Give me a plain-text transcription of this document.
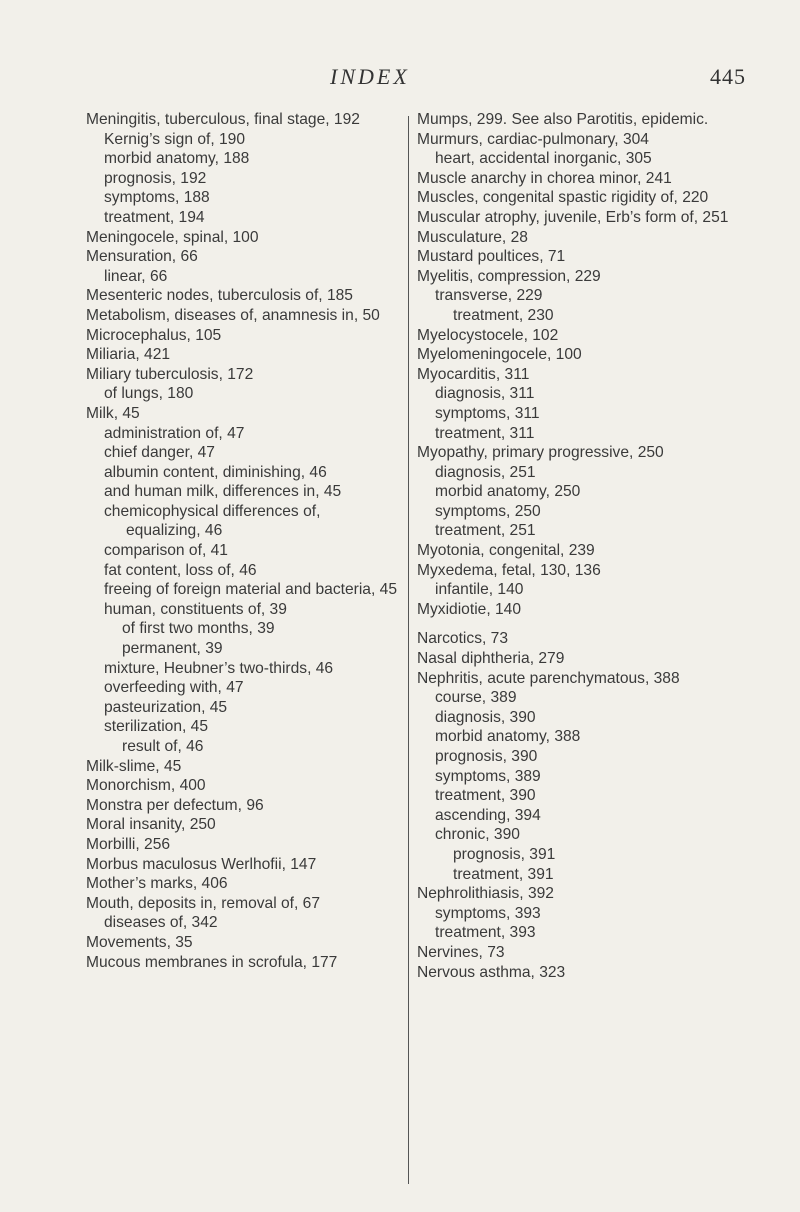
INDEX	445
Meningitis, tuberculous, final stage, 192
Kernig’s sign of, 190
morbid anatomy, 188
prognosis, 192
symptoms, 188
treatment, 194
Meningocele, spinal, 100
Mensuration, 66
linear, 66
Mesenteric nodes, tuberculosis of, 185
Metabolism, diseases of, anamnesis in, 50
Microcephalus, 105
Miliaria, 421
Miliary tuberculosis, 172
of lungs, 180
Milk, 45
administration of, 47
chief danger, 47
albumin content, diminishing, 46
and human milk, differences in, 45
chemicophysical differences of, equalizing, 46
comparison of, 41
fat content, loss of, 46
freeing of foreign material and bacteria, 45
human, constituents of, 39
of first two months, 39
permanent, 39
mixture, Heubner’s two-thirds, 46
overfeeding with, 47
pasteurization, 45
sterilization, 45
result of, 46
Milk-slime, 45
Monorchism, 400
Monstra per defectum, 96
Moral insanity, 250
Morbilli, 256
Morbus maculosus Werlhofii, 147
Mother’s marks, 406
Mouth, deposits in, removal of, 67
diseases of, 342
Movements, 35
Mucous membranes in scrofula, 177
Mumps, 299. See also Parotitis, epidemic.
Murmurs, cardiac-pulmonary, 304
heart, accidental inorganic, 305
Muscle anarchy in chorea minor, 241
Muscles, congenital spastic rigidity of, 220
Muscular atrophy, juvenile, Erb’s form of, 251
Musculature, 28
Mustard poultices, 71
Myelitis, compression, 229
transverse, 229
treatment, 230
Myelocystocele, 102
Myelomeningocele, 100
Myocarditis, 311
diagnosis, 311
symptoms, 311
treatment, 311
Myopathy, primary progressive, 250
diagnosis, 251
morbid anatomy, 250
symptoms, 250
treatment, 251
Myotonia, congenital, 239
Myxedema, fetal, 130, 136
infantile, 140
Myxidiotie, 140
Narcotics, 73
Nasal diphtheria, 279
Nephritis, acute parenchymatous, 388
course, 389
diagnosis, 390
morbid anatomy, 388
prognosis, 390
symptoms, 389
treatment, 390
ascending, 394
chronic, 390
prognosis, 391
treatment, 391
Nephrolithiasis, 392
symptoms, 393
treatment, 393
Nervines, 73
Nervous asthma, 323
